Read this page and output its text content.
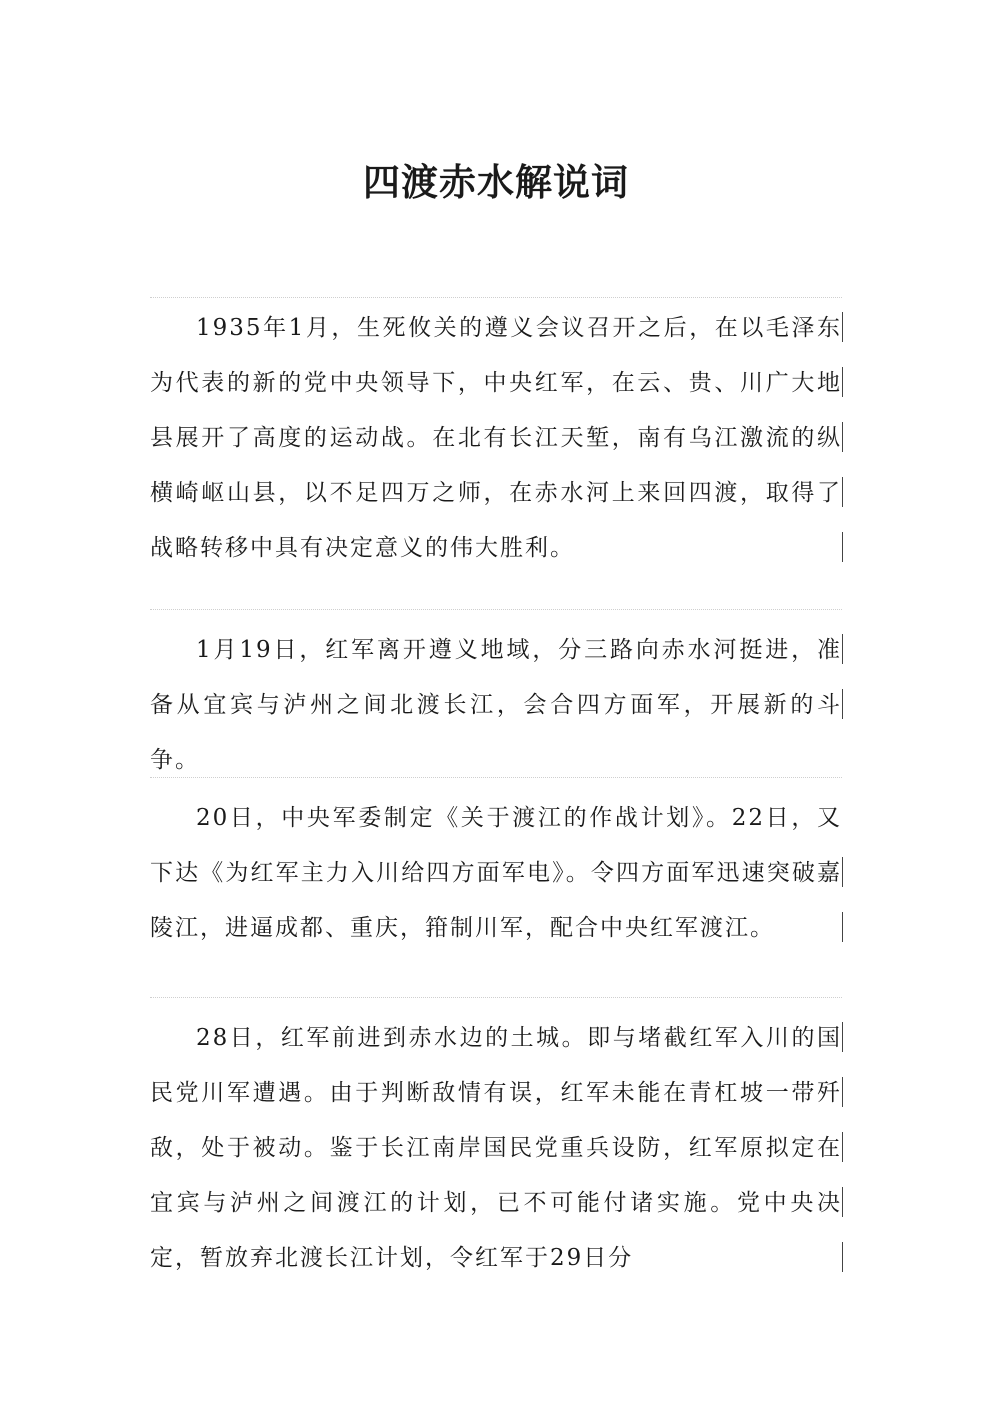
四渡赤水解说词

1935年1月，生死攸关的遵义会议召开之后，在以毛泽东为代表的新的党中央领导下，中央红军，在云、贵、川广大地县展开了高度的运动战。在北有长江天堑，南有乌江激流的纵横崎岖山县，以不足四万之师，在赤水河上来回四渡，取得了战略转移中具有决定意义的伟大胜利。

1月19日，红军离开遵义地域，分三路向赤水河挺进，准备从宜宾与泸州之间北渡长江，会合四方面军，开展新的斗争。

20日，中央军委制定《关于渡江的作战计划》。22日，又下达《为红军主力入川给四方面军电》。令四方面军迅速突破嘉陵江，进逼成都、重庆，箝制川军，配合中央红军渡江。

28日，红军前进到赤水边的土城。即与堵截红军入川的国民党川军遭遇。由于判断敌情有误，红军未能在青杠坡一带歼敌，处于被动。鉴于长江南岸国民党重兵设防，红军原拟定在宜宾与泸州之间渡江的计划，已不可能付诸实施。党中央决定，暂放弃北渡长江计划，令红军于29日分
